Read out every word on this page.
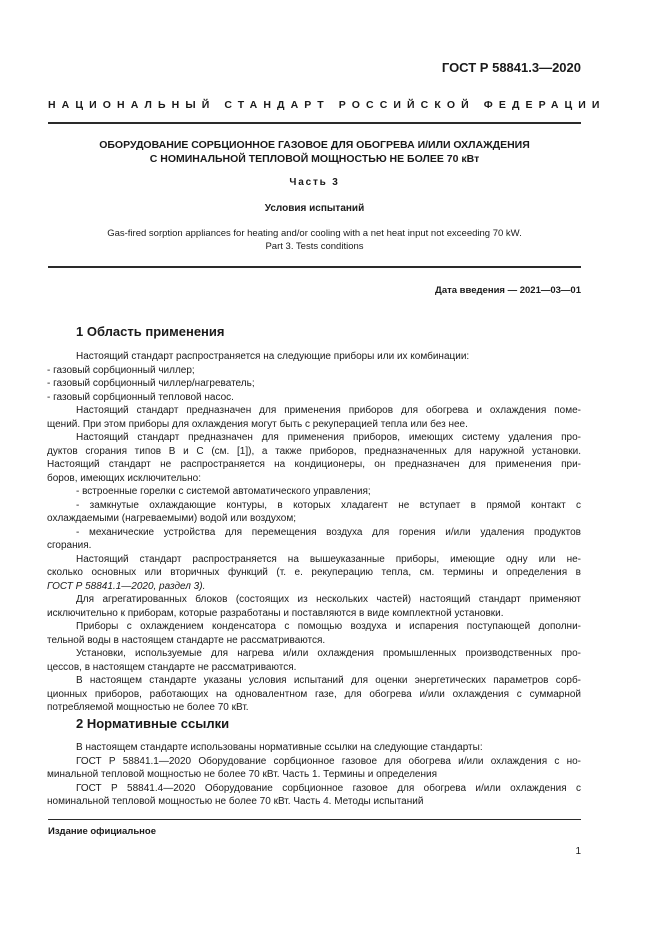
ГОСТ Р 58841.3—2020
НАЦИОНАЛЬНЫЙ СТАНДАРТ РОССИЙСКОЙ ФЕДЕРАЦИИ
ОБОРУДОВАНИЕ СОРБЦИОННОЕ ГАЗОВОЕ ДЛЯ ОБОГРЕВА И/ИЛИ ОХЛАЖДЕНИЯ
С НОМИНАЛЬНОЙ ТЕПЛОВОЙ МОЩНОСТЬЮ НЕ БОЛЕЕ 70 кВт
Часть 3
Условия испытаний
Gas-fired sorption appliances for heating and/or cooling with a net heat input not exceeding 70 kW.
Part 3. Tests conditions
Дата введения — 2021—03—01
1 Область применения
Настоящий стандарт распространяется на следующие приборы или их комбинации:
- газовый сорбционный чиллер;
- газовый сорбционный чиллер/нагреватель;
- газовый сорбционный тепловой насос.
Настоящий стандарт предназначен для применения приборов для обогрева и охлаждения поме-
щений. При этом приборы для охлаждения могут быть с рекуперацией тепла или без нее.
Настоящий стандарт предназначен для применения приборов, имеющих систему удаления про-
дуктов сгорания типов B и C (см. [1]), а также приборов, предназначенных для наружной установки.
Настоящий стандарт не распространяется на кондиционеры, он предназначен для применения при-
боров, имеющих исключительно:
- встроенные горелки с системой автоматического управления;
- замкнутые охлаждающие контуры, в которых хладагент не вступает в прямой контакт с
охлаждаемыми (нагреваемыми) водой или воздухом;
- механические устройства для перемещения воздуха для горения и/или удаления продуктов
сгорания.
Настоящий стандарт распространяется на вышеуказанные приборы, имеющие одну или не-
сколько основных или вторичных функций (т. е. рекуперацию тепла, см. термины и определения в
ГОСТ Р 58841.1—2020, раздел 3).
Для агрегатированных блоков (состоящих из нескольких частей) настоящий стандарт применяют
исключительно к приборам, которые разработаны и поставляются в виде комплектной установки.
Приборы с охлаждением конденсатора с помощью воздуха и испарения поступающей дополни-
тельной воды в настоящем стандарте не рассматриваются.
Установки, используемые для нагрева и/или охлаждения промышленных производственных про-
цессов, в настоящем стандарте не рассматриваются.
В настоящем стандарте указаны условия испытаний для оценки энергетических параметров сорб-
ционных приборов, работающих на одновалентном газе, для обогрева и/или охлаждения с суммарной
потребляемой мощностью не более 70 кВт.
2 Нормативные ссылки
В настоящем стандарте использованы нормативные ссылки на следующие стандарты:
ГОСТ Р 58841.1—2020 Оборудование сорбционное газовое для обогрева и/или охлаждения с но-
минальной тепловой мощностью не более 70 кВт. Часть 1. Термины и определения
ГОСТ Р 58841.4—2020 Оборудование сорбционное газовое для обогрева и/или охлаждения с
номинальной тепловой мощностью не более 70 кВт. Часть 4. Методы испытаний
Издание официальное
1
